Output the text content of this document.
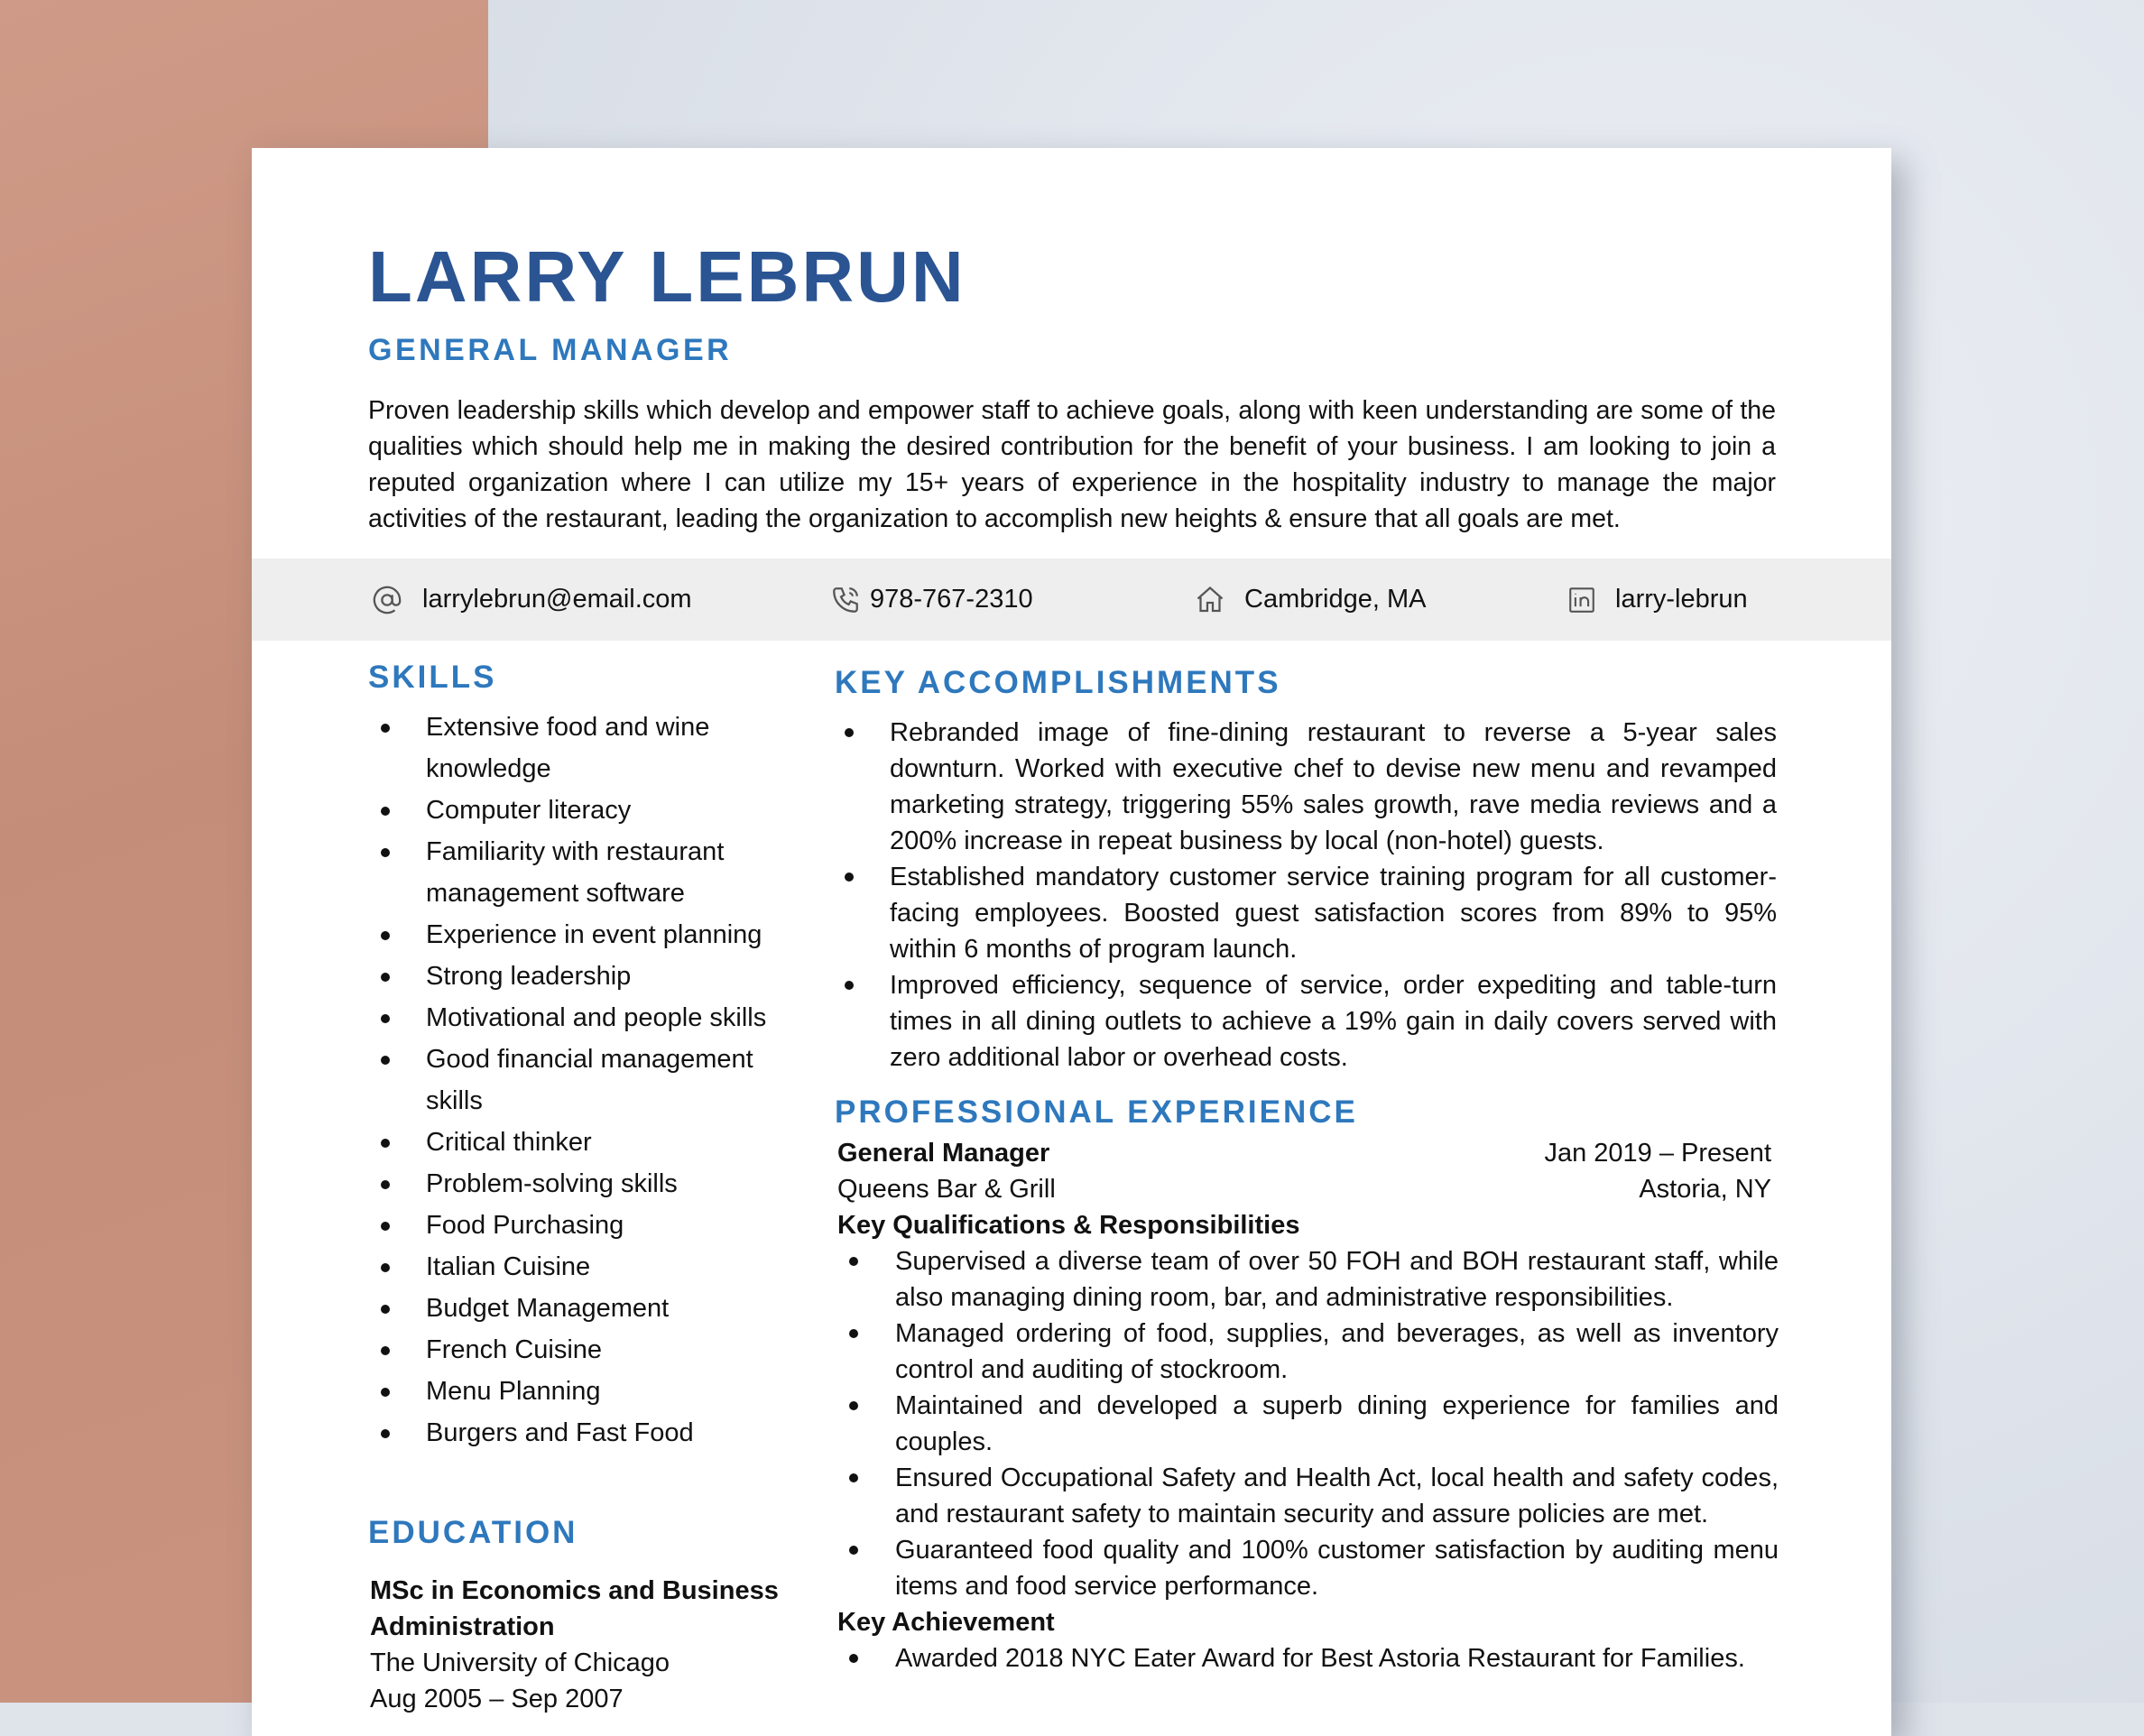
LARRY LEBRUN
GENERAL MANAGER
Proven leadership skills which develop and empower staff to achieve goals, along with keen understanding are some of the qualities which should help me in making the desired contribution for the benefit of your business. I am looking to join a reputed organization where I can utilize my 15+ years of experience in the hospitality industry to manage the major activities of the restaurant, leading the organization to accomplish new heights & ensure that all goals are met.
larrylebrun@email.com	978-767-2310	Cambridge, MA	larry-lebrun
SKILLS
Extensive food and wine knowledge
Computer literacy
Familiarity with restaurant management software
Experience in event planning
Strong leadership
Motivational and people skills
Good financial management skills
Critical thinker
Problem-solving skills
Food Purchasing
Italian Cuisine
Budget Management
French Cuisine
Menu Planning
Burgers and Fast Food
EDUCATION
MSc in Economics and Business Administration
The University of Chicago
Aug 2005 – Sep 2007
KEY ACCOMPLISHMENTS
Rebranded image of fine-dining restaurant to reverse a 5-year sales downturn. Worked with executive chef to devise new menu and revamped marketing strategy, triggering 55% sales growth, rave media reviews and a 200% increase in repeat business by local (non-hotel) guests.
Established mandatory customer service training program for all customer-facing employees. Boosted guest satisfaction scores from 89% to 95% within 6 months of program launch.
Improved efficiency, sequence of service, order expediting and table-turn times in all dining outlets to achieve a 19% gain in daily covers served with zero additional labor or overhead costs.
PROFESSIONAL EXPERIENCE
General Manager	Jan 2019 – Present
Queens Bar & Grill	Astoria, NY
Key Qualifications & Responsibilities
Supervised a diverse team of over 50 FOH and BOH restaurant staff, while also managing dining room, bar, and administrative responsibilities.
Managed ordering of food, supplies, and beverages, as well as inventory control and auditing of stockroom.
Maintained and developed a superb dining experience for families and couples.
Ensured Occupational Safety and Health Act, local health and safety codes, and restaurant safety to maintain security and assure policies are met.
Guaranteed food quality and 100% customer satisfaction by auditing menu items and food service performance.
Key Achievement
Awarded 2018 NYC Eater Award for Best Astoria Restaurant for Families.
